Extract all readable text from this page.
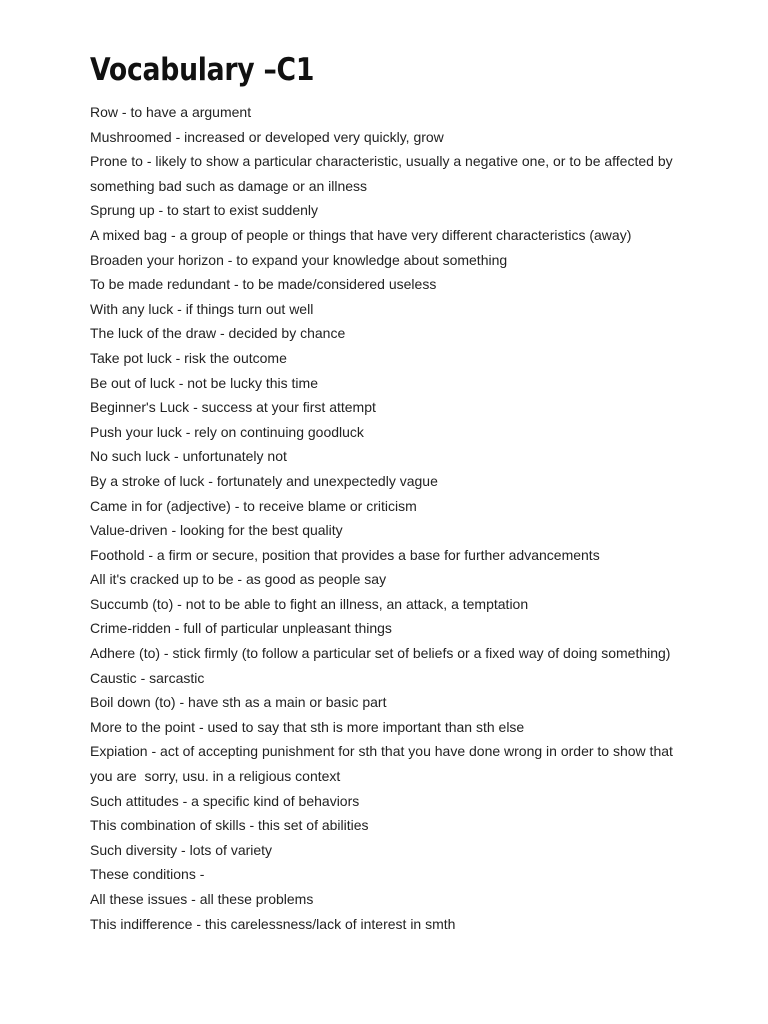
Vocabulary –C1
Row - to have a argument
Mushroomed - increased or developed very quickly, grow
Prone to - likely to show a particular characteristic, usually a negative one, or to be affected by
something bad such as damage or an illness
Sprung up - to start to exist suddenly
A mixed bag - a group of people or things that have very different characteristics (away)
Broaden your horizon - to expand your knowledge about something
To be made redundant - to be made/considered useless
With any luck - if things turn out well
The luck of the draw - decided by chance
Take pot luck - risk the outcome
Be out of luck - not be lucky this time
Beginner's Luck - success at your first attempt
Push your luck - rely on continuing goodluck
No such luck - unfortunately not
By a stroke of luck - fortunately and unexpectedly vague
Came in for (adjective) - to receive blame or criticism
Value-driven - looking for the best quality
Foothold - a firm or secure, position that provides a base for further advancements
All it's cracked up to be - as good as people say
Succumb (to) - not to be able to fight an illness, an attack, a temptation
Crime-ridden - full of particular unpleasant things
Adhere (to) - stick firmly (to follow a particular set of beliefs or a fixed way of doing something)
Caustic - sarcastic
Boil down (to) - have sth as a main or basic part
More to the point - used to say that sth is more important than sth else
Expiation - act of accepting punishment for sth that you have done wrong in order to show that
you are  sorry, usu. in a religious context
Such attitudes - a specific kind of behaviors
This combination of skills - this set of abilities
Such diversity - lots of variety
These conditions -
All these issues - all these problems
This indifference - this carelessness/lack of interest in smth
